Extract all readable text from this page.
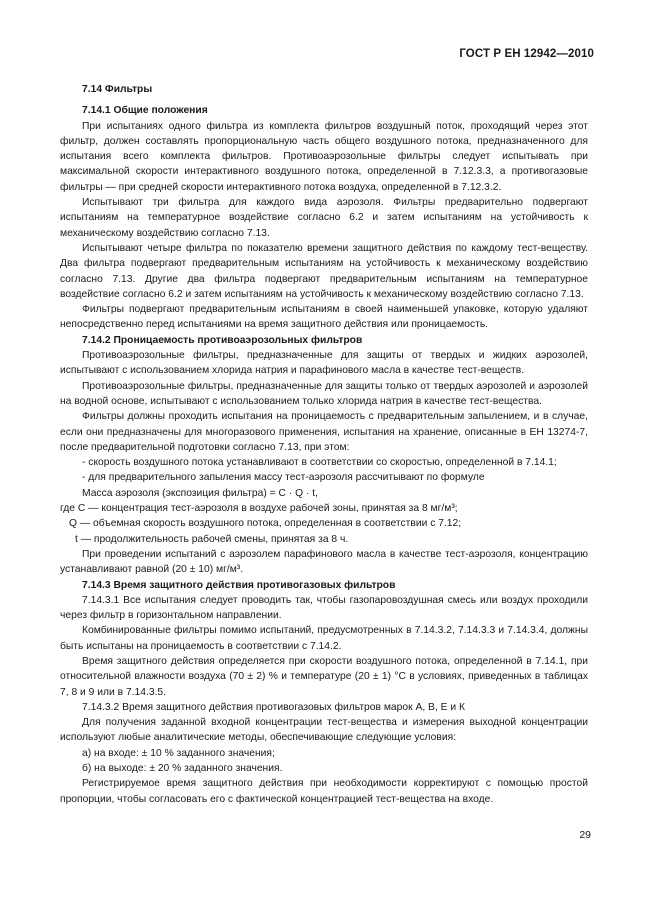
ГОСТ Р ЕН 12942—2010

7.14 Фильтры

7.14.1 Общие положения

При испытаниях одного фильтра из комплекта фильтров воздушный поток, проходящий через этот фильтр, должен составлять пропорциональную часть общего воздушного потока, предназначенного для испытания всего комплекта фильтров. Противоаэрозольные фильтры следует испытывать при максимальной скорости интерактивного воздушного потока, определенной в 7.12.3.3, а противогазовые фильтры — при средней скорости интерактивного потока воздуха, определенной в 7.12.3.2.

Испытывают три фильтра для каждого вида аэрозоля. Фильтры предварительно подвергают испытаниям на температурное воздействие согласно 6.2 и затем испытаниям на устойчивость к механическому воздействию согласно 7.13.

Испытывают четыре фильтра по показателю времени защитного действия по каждому тест-веществу. Два фильтра подвергают предварительным испытаниям на устойчивость к механическому воздействию согласно 7.13. Другие два фильтра подвергают предварительным испытаниям на температурное воздействие согласно 6.2 и затем испытаниям на устойчивость к механическому воздействию согласно 7.13.

Фильтры подвергают предварительным испытаниям в своей наименьшей упаковке, которую удаляют непосредственно перед испытаниями на время защитного действия или проницаемость.

7.14.2 Проницаемость противоаэрозольных фильтров

Противоаэрозольные фильтры, предназначенные для защиты от твердых и жидких аэрозолей, испытывают с использованием хлорида натрия и парафинового масла в качестве тест-веществ.

Противоаэрозольные фильтры, предназначенные для защиты только от твердых аэрозолей и аэрозолей на водной основе, испытывают с использованием только хлорида натрия в качестве тест-вещества.

Фильтры должны проходить испытания на проницаемость с предварительным запылением, и в случае, если они предназначены для многоразового применения, испытания на хранение, описанные в ЕН 13274-7, после предварительной подготовки согласно 7.13, при этом:

- скорость воздушного потока устанавливают в соответствии со скоростью, определенной в 7.14.1;

- для предварительного запыления массу тест-аэрозоля рассчитывают по формуле

Масса аэрозоля (экспозиция фильтра) = C · Q · t,

где C — концентрация тест-аэрозоля в воздухе рабочей зоны, принятая за 8 мг/м³;

Q — объемная скорость воздушного потока, определенная в соответствии с 7.12;

t — продолжительность рабочей смены, принятая за 8 ч.

При проведении испытаний с аэрозолем парафинового масла в качестве тест-аэрозоля, концентрацию устанавливают равной (20 ± 10) мг/м³.

7.14.3 Время защитного действия противогазовых фильтров

7.14.3.1 Все испытания следует проводить так, чтобы газопаровоздушная смесь или воздух проходили через фильтр в горизонтальном направлении.

Комбинированные фильтры помимо испытаний, предусмотренных в 7.14.3.2, 7.14.3.3 и 7.14.3.4, должны быть испытаны на проницаемость в соответствии с 7.14.2.

Время защитного действия определяется при скорости воздушного потока, определенной в 7.14.1, при относительной влажности воздуха (70 ± 2) % и температуре (20 ± 1) °C в условиях, приведенных в таблицах 7, 8 и 9 или в 7.14.3.5.

7.14.3.2 Время защитного действия противогазовых фильтров марок А, В, Е и К

Для получения заданной входной концентрации тест-вещества и измерения выходной концентрации используют любые аналитические методы, обеспечивающие следующие условия:

а) на входе: ± 10 % заданного значения;

б) на выходе: ± 20 % заданного значения.

Регистрируемое время защитного действия при необходимости корректируют с помощью простой пропорции, чтобы согласовать его с фактической концентрацией тест-вещества на входе.

29
